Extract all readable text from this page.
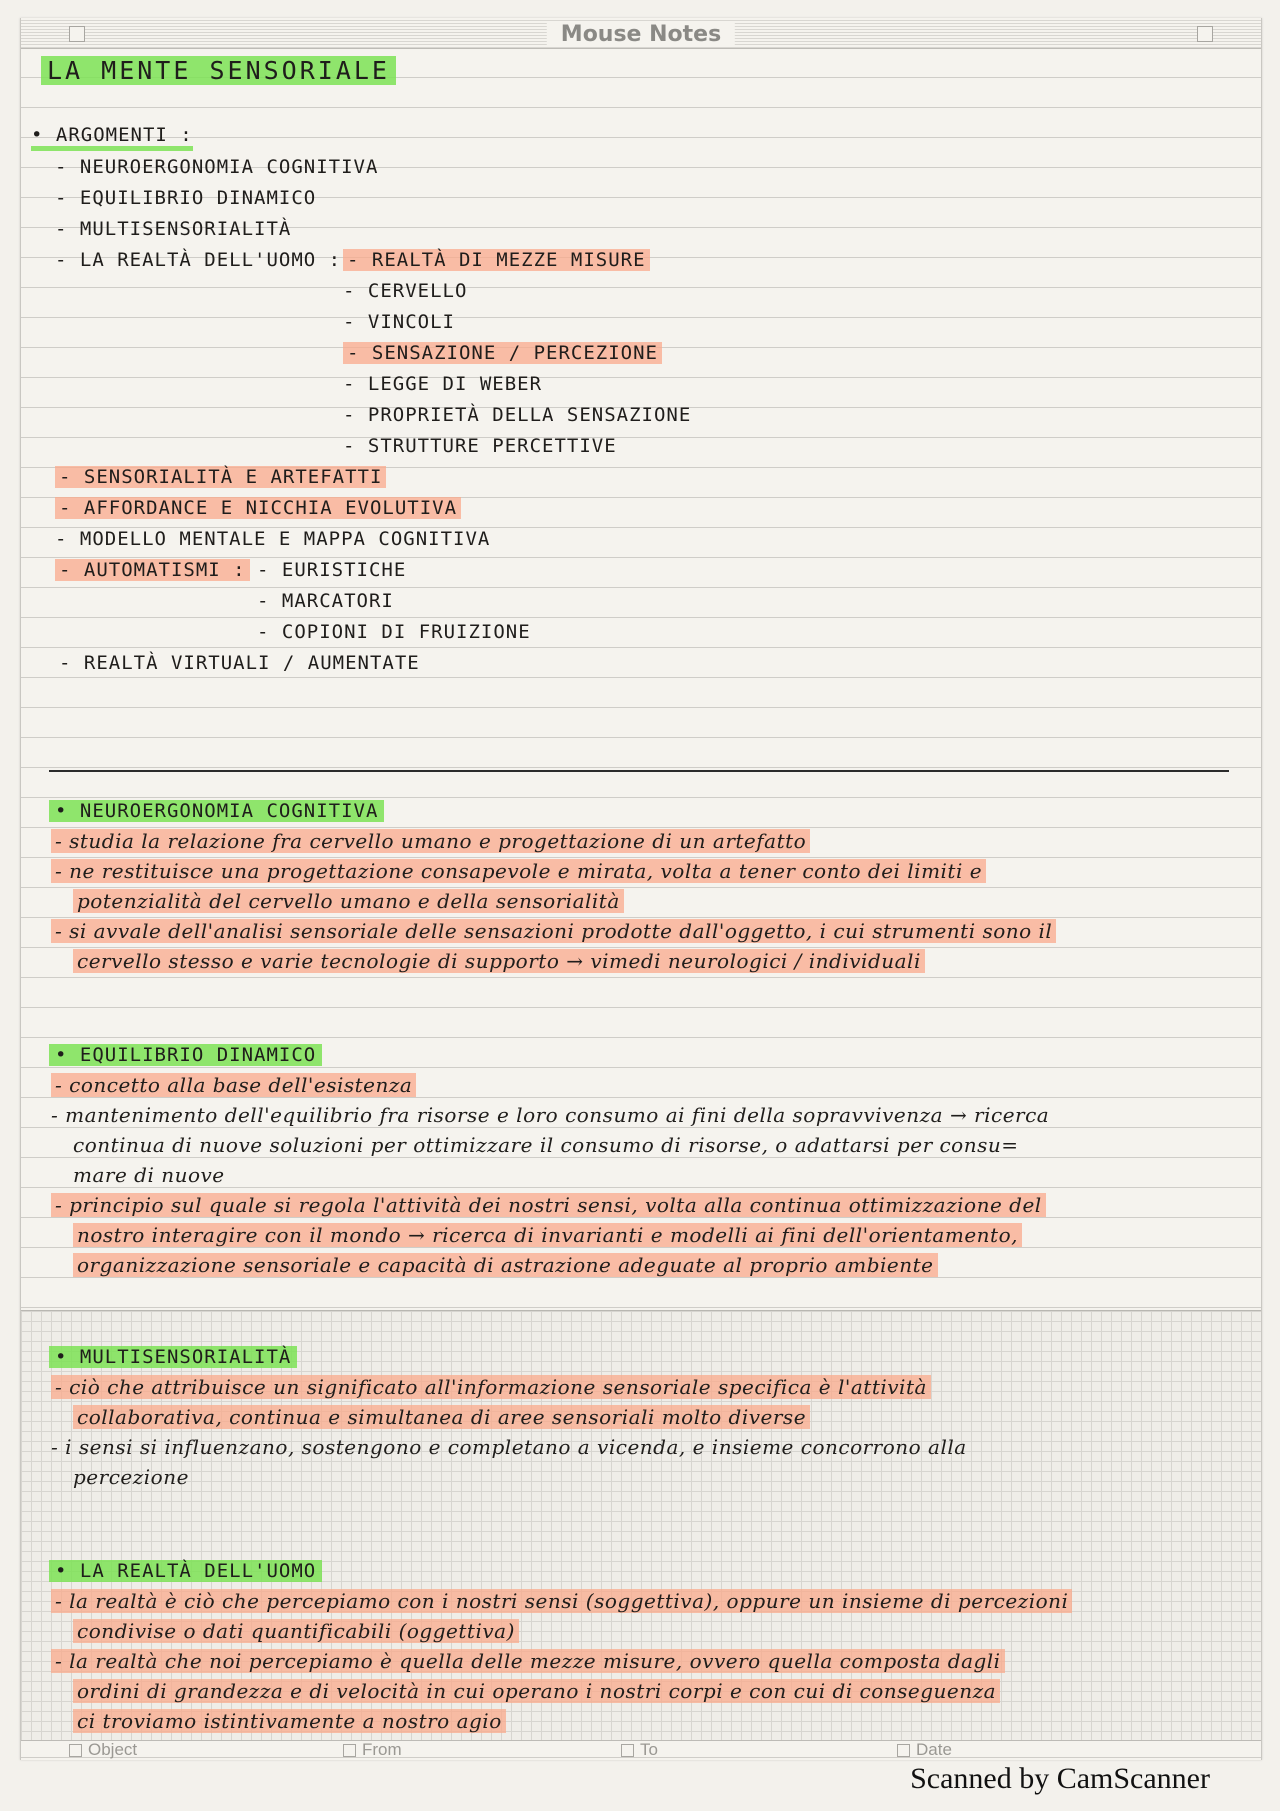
Mouse Notes
LA MENTE SENSORIALE
• ARGOMENTI :
- NEUROERGONOMIA COGNITIVA
- EQUILIBRIO DINAMICO
- MULTISENSORIALITÀ
- LA REALTÀ DELL'UOMO : - REALTÀ DI MEZZE MISURE
- CERVELLO
- VINCOLI
- SENSAZIONE / PERCEZIONE
- LEGGE DI WEBER
- PROPRIETÀ DELLA SENSAZIONE
- STRUTTURE PERCETTIVE
- SENSORIALITÀ E ARTEFATTI
- AFFORDANCE E NICCHIA EVOLUTIVA
- MODELLO MENTALE E MAPPA COGNITIVA
- AUTOMATISMI : - EURISTICHE
- MARCATORI
- COPIONI DI FRUIZIONE
- REALTÀ VIRTUALI / AUMENTATE
• NEUROERGONOMIA COGNITIVA
- studia la relazione fra cervello umano e progettazione di un artefatto
- ne restituisce una progettazione consapevole e mirata, volta a tener conto dei limiti e
potenzialità del cervello umano e della sensorialità
- si avvale dell'analisi sensoriale delle sensazioni prodotte dall'oggetto, i cui strumenti sono il
cervello stesso e varie tecnologie di supporto → vimedi neurologici / individuali
• EQUILIBRIO DINAMICO
- concetto alla base dell'esistenza
- mantenimento dell'equilibrio fra risorse e loro consumo ai fini della sopravvivenza → ricerca
continua di nuove soluzioni per ottimizzare il consumo di risorse, o adattarsi per consu=
mare di nuove
- principio sul quale si regola l'attività dei nostri sensi, volta alla continua ottimizzazione del
nostro interagire con il mondo → ricerca di invarianti e modelli ai fini dell'orientamento,
organizzazione sensoriale e capacità di astrazione adeguate al proprio ambiente
• MULTISENSORIALITÀ
- ciò che attribuisce un significato all'informazione sensoriale specifica è l'attività
collaborativa, continua e simultanea di aree sensoriali molto diverse
- i sensi si influenzano, sostengono e completano a vicenda, e insieme concorrono alla
percezione
• LA REALTÀ DELL'UOMO
- la realtà è ciò che percepiamo con i nostri sensi (soggettiva), oppure un insieme di percezioni
condivise o dati quantificabili (oggettiva)
- la realtà che noi percepiamo è quella delle mezze misure, ovvero quella composta dagli
ordini di grandezza e di velocità in cui operano i nostri corpi e con cui di conseguenza
ci troviamo istintivamente a nostro agio
Object	From	To	Date
Scanned by CamScanner
